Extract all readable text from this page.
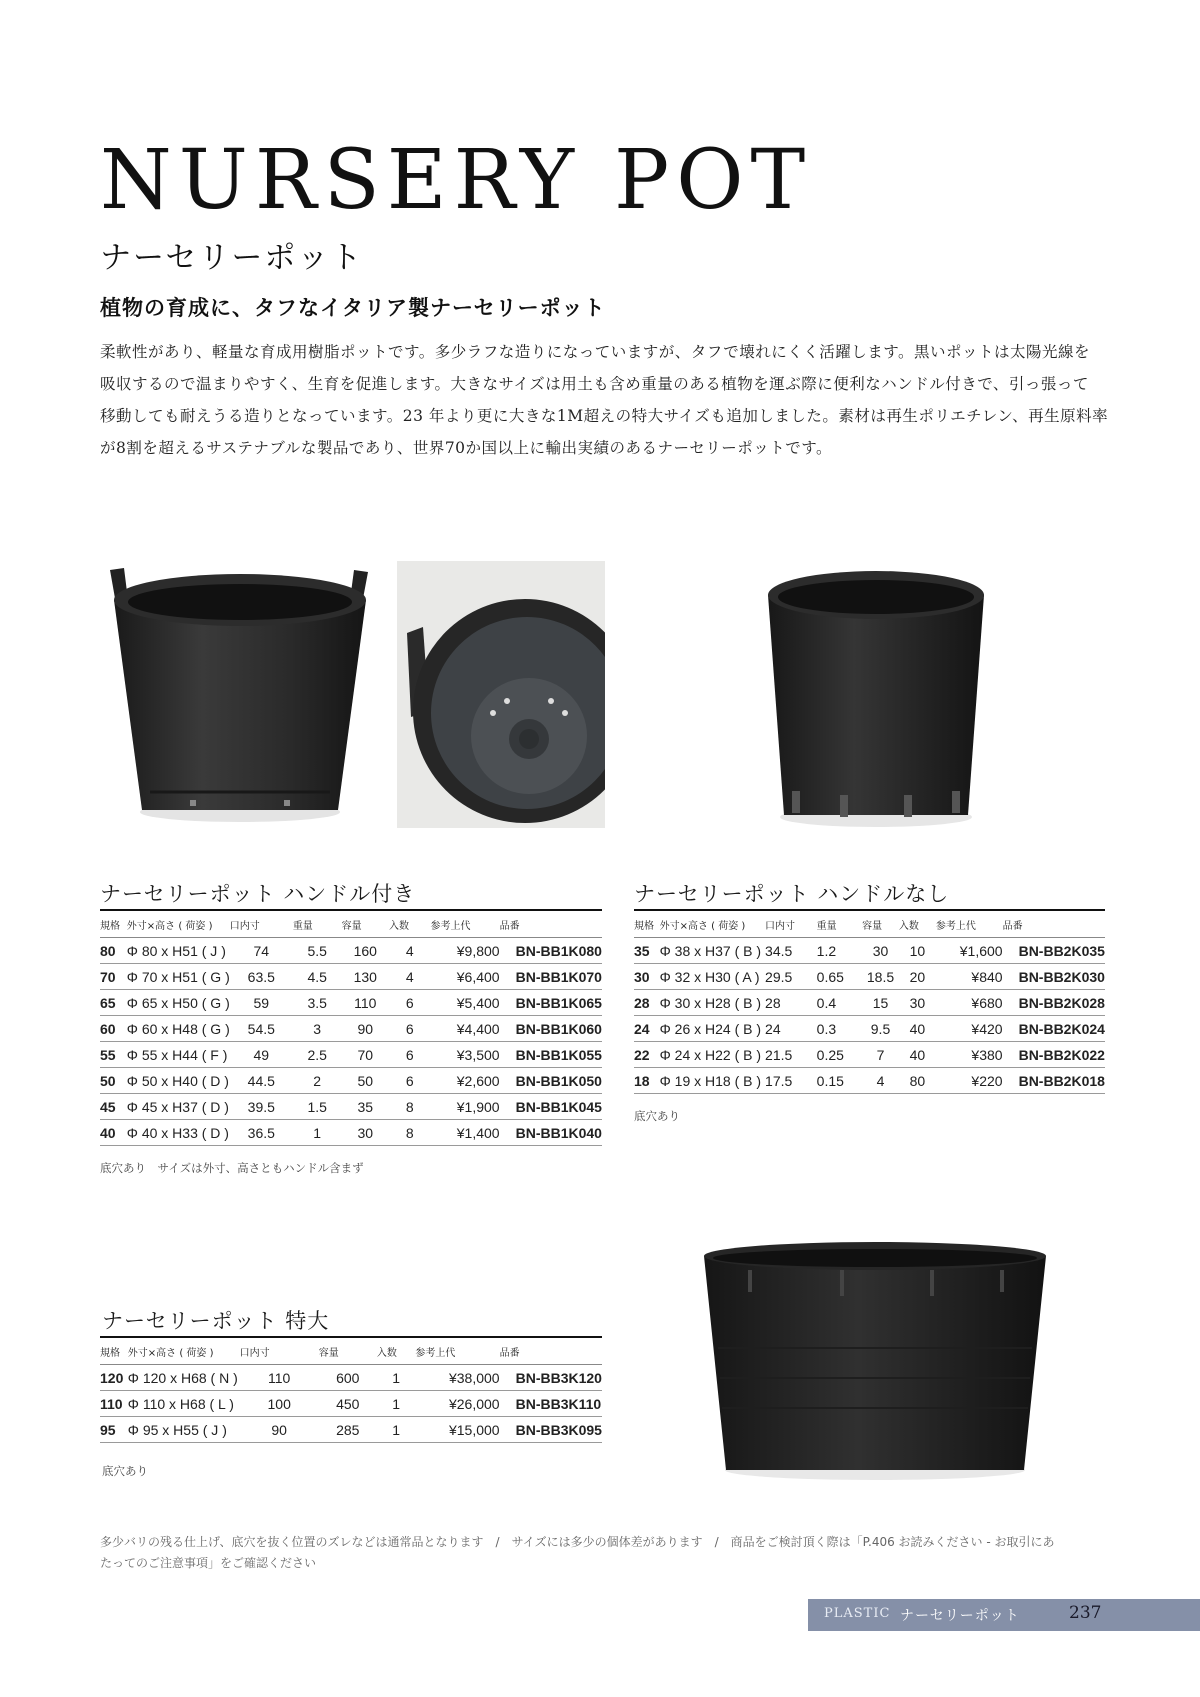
NURSERY POT
ナーセリーポット
植物の育成に、タフなイタリア製ナーセリーポット
柔軟性があり、軽量な育成用樹脂ポットです。多少ラフな造りになっていますが、タフで壊れにくく活躍します。黒いポットは太陽光線を
吸収するので温まりやすく、生育を促進します。大きなサイズは用土も含め重量のある植物を運ぶ際に便利なハンドル付きで、引っ張って
移動しても耐えうる造りとなっています。23 年より更に大きな1M超えの特大サイズも追加しました。素材は再生ポリエチレン、再生原料率
が8割を超えるサステナブルな製品であり、世界70か国以上に輸出実績のあるナーセリーポットです。
ナーセリーポット ハンドル付き
規格	外寸×高さ ( 荷姿 )	口内寸	重量	容量	入数	参考上代	品番
80	Φ 80 x H51 ( J )	74	5.5	160	4	¥9,800	BN-BB1K080
70	Φ 70 x H51 ( G )	63.5	4.5	130	4	¥6,400	BN-BB1K070
65	Φ 65 x H50 ( G )	59	3.5	110	6	¥5,400	BN-BB1K065
60	Φ 60 x H48 ( G )	54.5	3	90	6	¥4,400	BN-BB1K060
55	Φ 55 x H44 ( F )	49	2.5	70	6	¥3,500	BN-BB1K055
50	Φ 50 x H40 ( D )	44.5	2	50	6	¥2,600	BN-BB1K050
45	Φ 45 x H37 ( D )	39.5	1.5	35	8	¥1,900	BN-BB1K045
40	Φ 40 x H33 ( D )	36.5	1	30	8	¥1,400	BN-BB1K040
底穴あり　サイズは外寸、高さともハンドル含まず
ナーセリーポット ハンドルなし
規格	外寸×高さ ( 荷姿 )	口内寸	重量	容量	入数	参考上代	品番
35	Φ 38 x H37 ( B )	34.5	1.2	30	10	¥1,600	BN-BB2K035
30	Φ 32 x H30 ( A )	29.5	0.65	18.5	20	¥840	BN-BB2K030
28	Φ 30 x H28 ( B )	28	0.4	15	30	¥680	BN-BB2K028
24	Φ 26 x H24 ( B )	24	0.3	9.5	40	¥420	BN-BB2K024
22	Φ 24 x H22 ( B )	21.5	0.25	7	40	¥380	BN-BB2K022
18	Φ 19 x H18 ( B )	17.5	0.15	4	80	¥220	BN-BB2K018
底穴あり
ナーセリーポット 特大
規格	外寸×高さ ( 荷姿 )	口内寸	容量	入数	参考上代	品番
120	Φ 120 x H68 ( N )	110	600	1	¥38,000	BN-BB3K120
110	Φ 110 x H68 ( L )	100	450	1	¥26,000	BN-BB3K110
95	Φ 95 x H55 ( J )	90	285	1	¥15,000	BN-BB3K095
底穴あり
多少バリの残る仕上げ、底穴を抜く位置のズレなどは通常品となります　/　サイズには多少の個体差があります　/　商品をご検討頂く際は「P.406 お読みください - お取引にあ
たってのご注意事項」をご確認ください
PLASTIC ナーセリーポット	237
